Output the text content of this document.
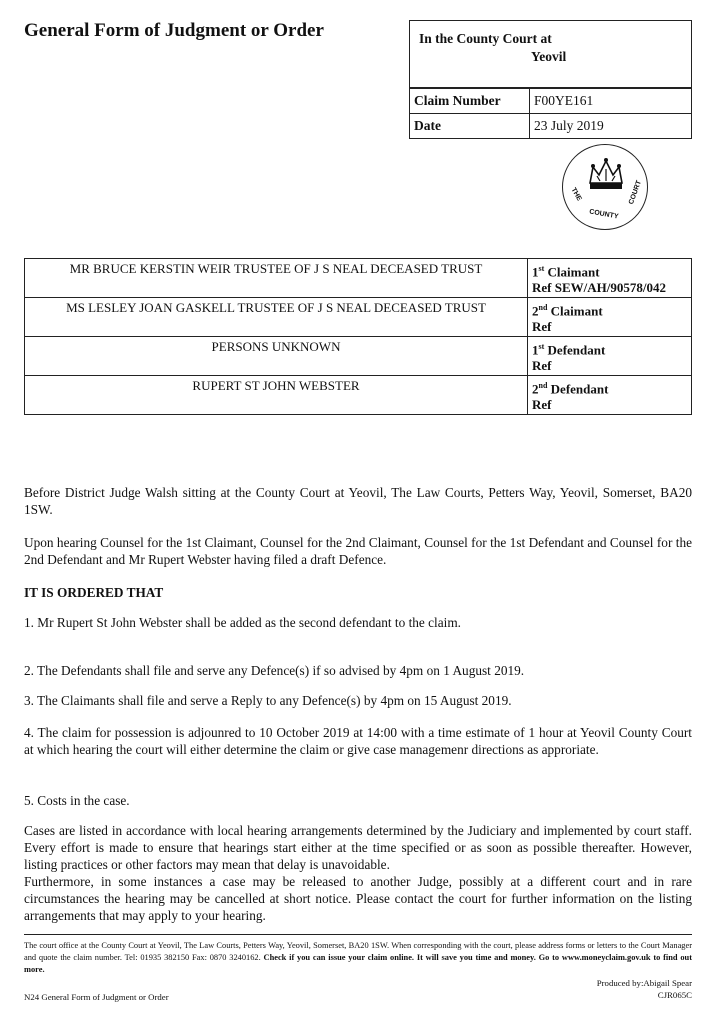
General Form of Judgment or Order	In the County Court at
Yeovil
Claim Number	F00YE161
Date	23 July 2019
THE
COUNTY
COURT
MR BRUCE KERSTIN WEIR TRUSTEE OF J S NEAL DECEASED TRUST	1st Claimant
Ref SEW/AH/90578/042
MS LESLEY JOAN GASKELL TRUSTEE OF J S NEAL DECEASED TRUST	2nd Claimant
Ref
PERSONS UNKNOWN	1st Defendant
Ref
RUPERT ST JOHN WEBSTER	2nd Defendant
Ref
Before District Judge Walsh sitting at the County Court at Yeovil, The Law Courts, Petters Way, Yeovil, Somerset, BA20 1SW.
Upon hearing Counsel for the 1st Claimant, Counsel for the 2nd Claimant, Counsel for the 1st Defendant and Counsel for the 2nd Defendant and Mr Rupert Webster having filed a draft Defence.
IT IS ORDERED THAT
1. Mr Rupert St John Webster shall be added as the second defendant to the claim.
2. The Defendants shall file and serve any Defence(s) if so advised by 4pm on 1 August 2019.
3. The Claimants shall file and serve a Reply to any Defence(s) by 4pm on 15 August 2019.
4. The claim for possession is adjounred to 10 October 2019 at 14:00 with a time estimate of 1 hour at Yeovil County Court at which hearing the court will either determine the claim or give case managemenr directions as approriate.
5. Costs in the case.
Cases are listed in accordance with local hearing arrangements determined by the Judiciary and implemented by court staff. Every effort is made to ensure that hearings start either at the time specified or as soon as possible thereafter. However, listing practices or other factors may mean that delay is unavoidable.
Furthermore, in some instances a case may be released to another Judge, possibly at a different court and in rare circumstances the hearing may be cancelled at short notice. Please contact the court for further information on the listing arrangements that may apply to your hearing.
The court office at the County Court at Yeovil, The Law Courts, Petters Way, Yeovil, Somerset, BA20 1SW. When corresponding with the court, please address forms or letters to the Court Manager and quote the claim number. Tel: 01935 382150 Fax: 0870 3240162. Check if you can issue your claim online. It will save you time and money. Go to www.moneyclaim.gov.uk to find out more.
Produced by:Abigail Spear
CJR065C
N24 General Form of Judgment or Order
